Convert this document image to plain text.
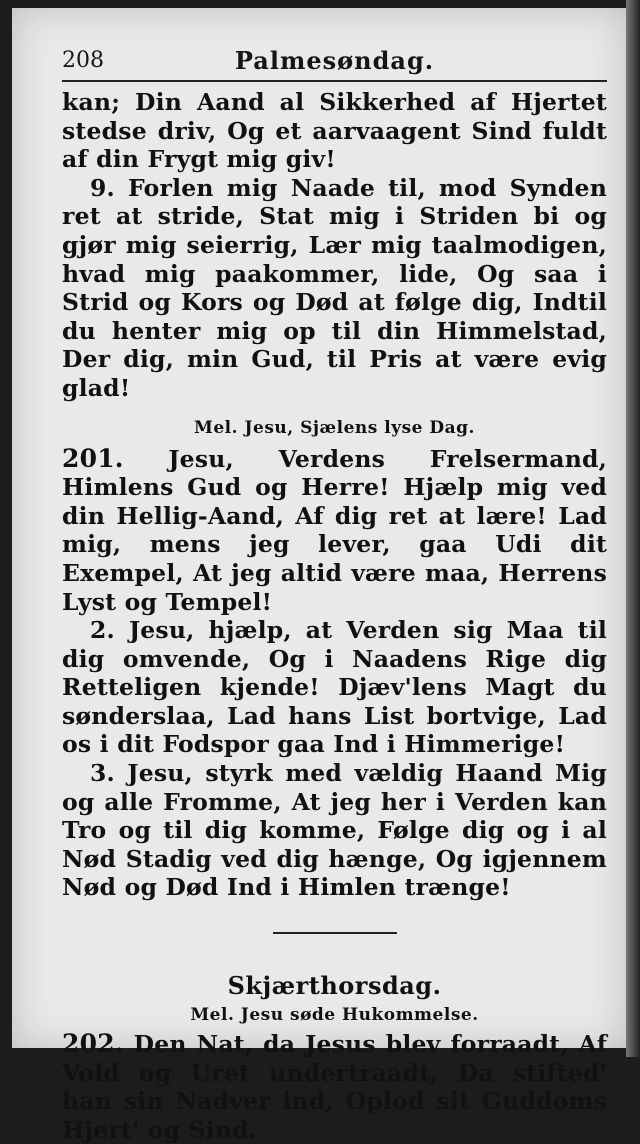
208	Palmesøndag.

kan; Din Aand al Sikkerhed af Hjertet stedse driv, Og et aarvaagent Sind fuldt af din Frygt mig giv!

9. Forlen mig Naade til, mod Synden ret at stride, Stat mig i Striden bi og gjør mig seierrig, Lær mig taalmodigen, hvad mig paakommer, lide, Og saa i Strid og Kors og Død at følge dig, Indtil du henter mig op til din Himmelstad, Der dig, min Gud, til Pris at være evig glad!

Mel. Jesu, Sjælens lyse Dag.

201. Jesu, Verdens Frelsermand, Himlens Gud og Herre! Hjælp mig ved din Hellig-Aand, Af dig ret at lære! Lad mig, mens jeg lever, gaa Udi dit Exempel, At jeg altid være maa, Herrens Lyst og Tempel!

2. Jesu, hjælp, at Verden sig Maa til dig omvende, Og i Naadens Rige dig Retteligen kjende! Djæv'lens Magt du sønderslaa, Lad hans List bortvige, Lad os i dit Fodspor gaa Ind i Himmerige!

3. Jesu, styrk med vældig Haand Mig og alle Fromme, At jeg her i Verden kan Tro og til dig komme, Følge dig og i al Nød Stadig ved dig hænge, Og igjennem Nød og Død Ind i Himlen trænge!

Skjærthorsdag.
Mel. Jesu søde Hukommelse.

202. Den Nat, da Jesus blev forraadt, Af Vold og Uret undertraadt, Da stifted' han sin Nadver ind, Oplod sit Guddoms Hjert' og Sind.
